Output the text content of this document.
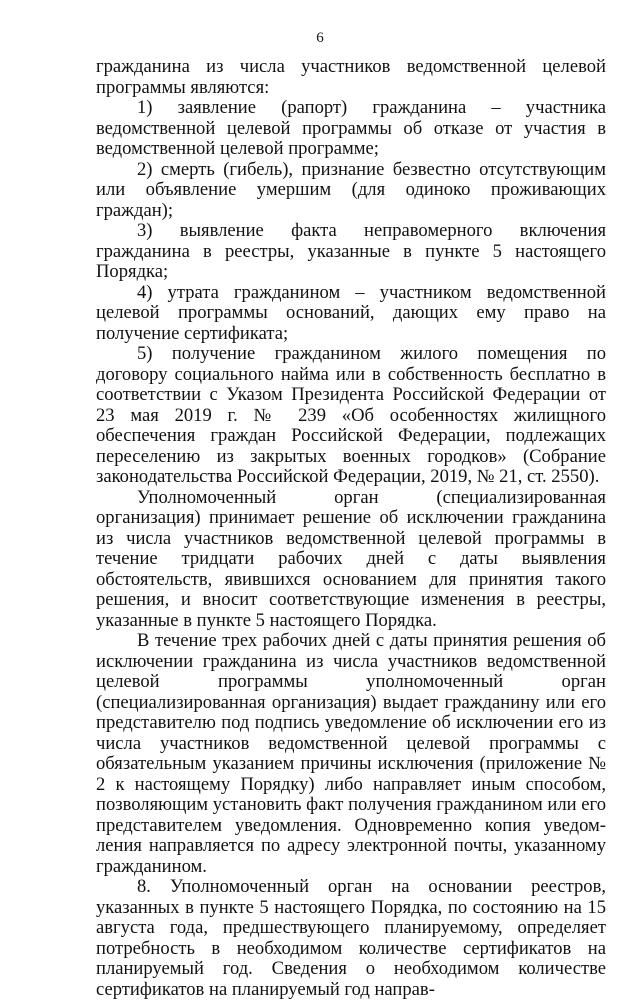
6

гражданина из числа участников ведомственной целевой программы являются:

1) заявление (рапорт) гражданина – участника ведомственной целевой программы об отказе от участия в ведомственной целевой программе;

2) смерть (гибель), признание безвестно отсутствующим или объявление умершим (для одиноко проживающих граждан);

3) выявление факта неправомерного включения гражданина в реестры, указанные в пункте 5 настоящего Порядка;

4) утрата гражданином – участником ведомственной целевой программы оснований, дающих ему право на получение сертификата;

5) получение гражданином жилого помещения по договору социального найма или в собственность бесплатно в соответствии с Указом Президента Российской Федерации от 23 мая 2019 г. № 239 «Об особенностях жилищного обеспечения граждан Российской Федерации, подлежащих переселению из закрытых военных городков» (Собрание законодательства Российской Федерации, 2019, № 21, ст. 2550).

Уполномоченный орган (специализированная организация) принимает решение об исключении гражданина из числа участников ведомственной целевой программы в течение тридцати рабочих дней с даты выявления обстоятельств, явившихся основанием для принятия такого решения, и вносит соответствующие изменения в реестры, указанные в пункте 5 настоящего Порядка.

В течение трех рабочих дней с даты принятия решения об исключении гражданина из числа участников ведомственной целевой программы уполномоченный орган (специализированная организация) выдает гражданину или его представителю под подпись уведомление об исключении его из числа участников ведомственной целевой программы с обязательным указанием причины исключения (приложение № 2 к настоящему Порядку) либо направляет иным способом, позволяющим установить факт получения гражданином или его представителем уведомления. Одновременно копия уведомления направляется по адресу электронной почты, указанному гражданином.

8. Уполномоченный орган на основании реестров, указанных в пункте 5 настоящего Порядка, по состоянию на 15 августа года, предшествующего планируемому, определяет потребность в необходимом количестве сертификатов на планируемый год. Сведения о необходимом количестве сертификатов на планируемый год направ-
